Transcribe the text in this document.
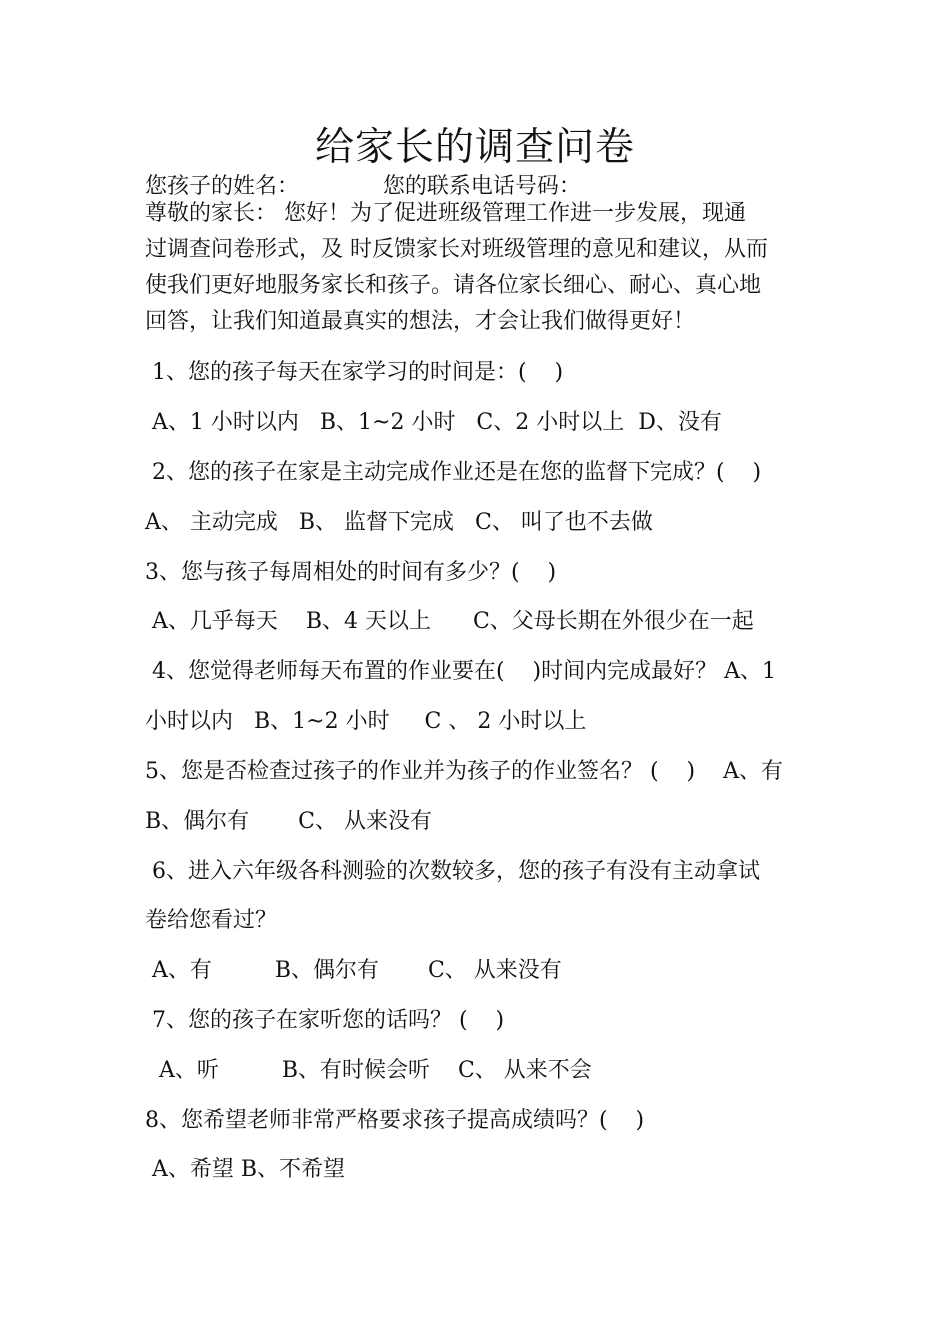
给家长的调查问卷
您孩子的姓名：            您的联系电话号码：

尊敬的家长： 您好！为了促进班级管理工作进一步发展，现通

过调查问卷形式，及 时反馈家长对班级管理的意见和建议，从而

使我们更好地服务家长和孩子。请各位家长细心、耐心、真心地

回答，让我们知道最真实的想法，才会让我们做得更好！

1、您的孩子每天在家学习的时间是：(    )
A、1 小时以内   B、1~2 小时   C、2 小时以上  D、没有
2、您的孩子在家是主动完成作业还是在您的监督下完成？(    )
A、 主动完成   B、 监督下完成   C、 叫了也不去做
3、您与孩子每周相处的时间有多少？(    )
A、几乎每天    B、4 天以上      C、父母长期在外很少在一起
4、您觉得老师每天布置的作业要在(    )时间内完成最好？ A、1
小时以内   B、1~2 小时     C 、 2 小时以上
5、您是否检查过孩子的作业并为孩子的作业签名？ (    )    A、有
B、偶尔有       C、 从来没有
6、进入六年级各科测验的次数较多，您的孩子有没有主动拿试
卷给您看过？
A、有         B、偶尔有       C、 从来没有
7、您的孩子在家听您的话吗？ (    )
A、听         B、有时候会听    C、 从来不会
8、您希望老师非常严格要求孩子提高成绩吗？(    )
A、希望 B、不希望
